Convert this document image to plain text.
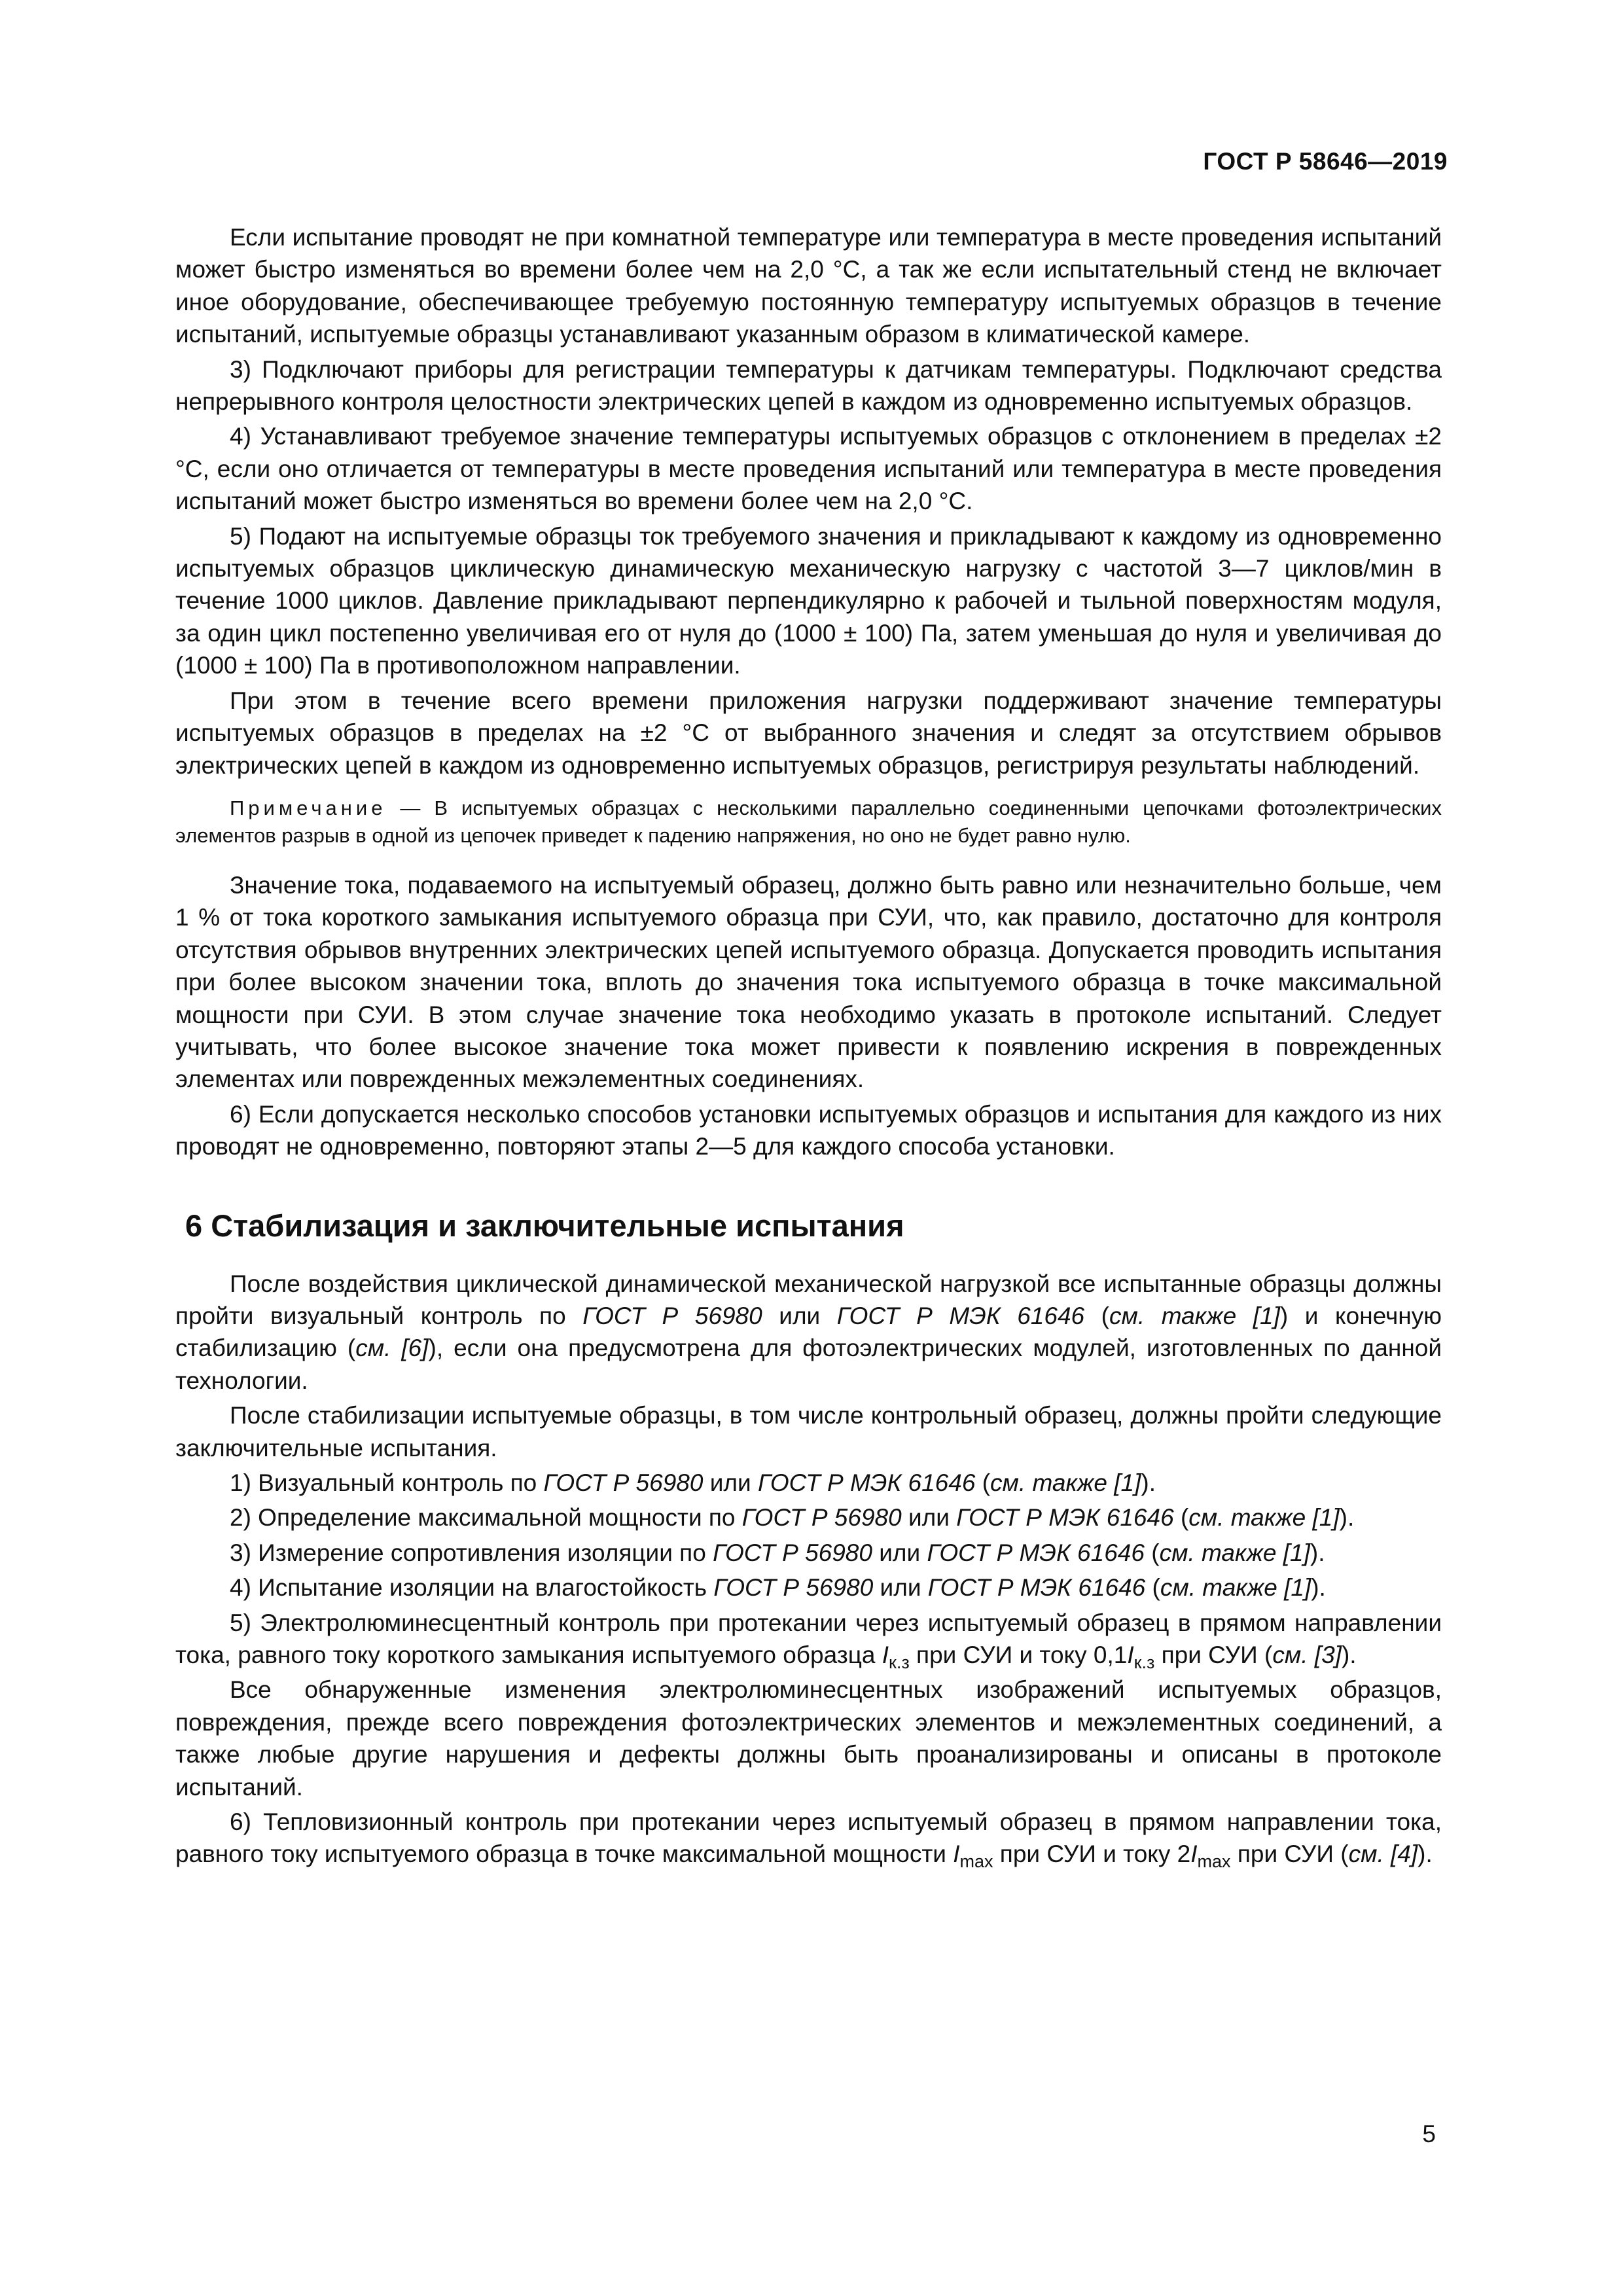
ГОСТ Р 58646—2019

Если испытание проводят не при комнатной температуре или температура в месте проведения испытаний может быстро изменяться во времени более чем на 2,0 °С, а так же если испытательный стенд не включает иное оборудование, обеспечивающее требуемую постоянную температуру испытуемых образцов в течение испытаний, испытуемые образцы устанавливают указанным образом в климатической камере.

3) Подключают приборы для регистрации температуры к датчикам температуры. Подключают средства непрерывного контроля целостности электрических цепей в каждом из одновременно испытуемых образцов.

4) Устанавливают требуемое значение температуры испытуемых образцов с отклонением в пределах ±2 °С, если оно отличается от температуры в месте проведения испытаний или температура в месте проведения испытаний может быстро изменяться во времени более чем на 2,0 °С.

5) Подают на испытуемые образцы ток требуемого значения и прикладывают к каждому из одновременно испытуемых образцов циклическую динамическую механическую нагрузку с частотой 3—7 циклов/мин в течение 1000 циклов. Давление прикладывают перпендикулярно к рабочей и тыльной поверхностям модуля, за один цикл постепенно увеличивая его от нуля до (1000 ± 100) Па, затем уменьшая до нуля и увеличивая до (1000 ± 100) Па в противоположном направлении.

При этом в течение всего времени приложения нагрузки поддерживают значение температуры испытуемых образцов в пределах на ±2 °С от выбранного значения и следят за отсутствием обрывов электрических цепей в каждом из одновременно испытуемых образцов, регистрируя результаты наблюдений.

Примечание — В испытуемых образцах с несколькими параллельно соединенными цепочками фотоэлектрических элементов разрыв в одной из цепочек приведет к падению напряжения, но оно не будет равно нулю.

Значение тока, подаваемого на испытуемый образец, должно быть равно или незначительно больше, чем 1 % от тока короткого замыкания испытуемого образца при СУИ, что, как правило, достаточно для контроля отсутствия обрывов внутренних электрических цепей испытуемого образца. Допускается проводить испытания при более высоком значении тока, вплоть до значения тока испытуемого образца в точке максимальной мощности при СУИ. В этом случае значение тока необходимо указать в протоколе испытаний. Следует учитывать, что более высокое значение тока может привести к появлению искрения в поврежденных элементах или поврежденных межэлементных соединениях.

6) Если допускается несколько способов установки испытуемых образцов и испытания для каждого из них проводят не одновременно, повторяют этапы 2—5 для каждого способа установки.

6 Стабилизация и заключительные испытания

После воздействия циклической динамической механической нагрузкой все испытанные образцы должны пройти визуальный контроль по ГОСТ Р 56980 или ГОСТ Р МЭК 61646 (см. также [1]) и конечную стабилизацию (см. [6]), если она предусмотрена для фотоэлектрических модулей, изготовленных по данной технологии.

После стабилизации испытуемые образцы, в том числе контрольный образец, должны пройти следующие заключительные испытания.

1) Визуальный контроль по ГОСТ Р 56980 или ГОСТ Р МЭК 61646 (см. также [1]).

2) Определение максимальной мощности по ГОСТ Р 56980 или ГОСТ Р МЭК 61646 (см. также [1]).

3) Измерение сопротивления изоляции по ГОСТ Р 56980 или ГОСТ Р МЭК 61646 (см. также [1]).

4) Испытание изоляции на влагостойкость ГОСТ Р 56980 или ГОСТ Р МЭК 61646 (см. также [1]).

5) Электролюминесцентный контроль при протекании через испытуемый образец в прямом направлении тока, равного току короткого замыкания испытуемого образца $I_{к.з}$ при СУИ и току $0,1I_{к.з}$ при СУИ (см. [3]).

Все обнаруженные изменения электролюминесцентных изображений испытуемых образцов, повреждения, прежде всего повреждения фотоэлектрических элементов и межэлементных соединений, а также любые другие нарушения и дефекты должны быть проанализированы и описаны в протоколе испытаний.

6) Тепловизионный контроль при протекании через испытуемый образец в прямом направлении тока, равного току испытуемого образца в точке максимальной мощности $I_{max}$ при СУИ и току $2I_{max}$ при СУИ (см. [4]).

5
